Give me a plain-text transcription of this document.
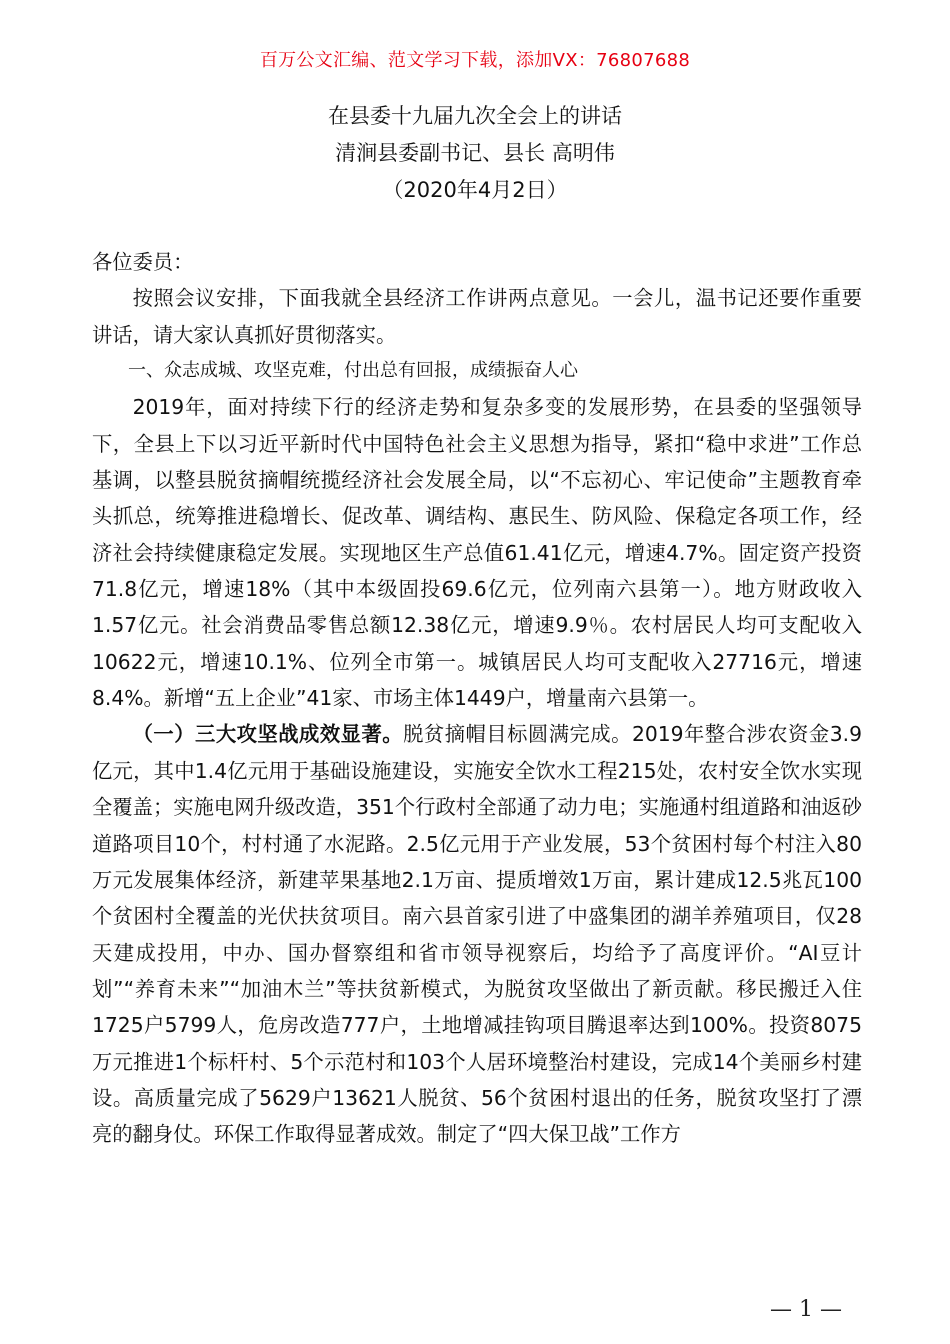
百万公文汇编、范文学习下载，添加VX：76807688
在县委十九届九次全会上的讲话
清涧县委副书记、县长 高明伟
（2020年4月2日）

各位委员：

按照会议安排，下面我就全县经济工作讲两点意见。一会儿，温书记还要作重要讲话，请大家认真抓好贯彻落实。

一、众志成城、攻坚克难，付出总有回报，成绩振奋人心

2019年，面对持续下行的经济走势和复杂多变的发展形势，在县委的坚强领导下，全县上下以习近平新时代中国特色社会主义思想为指导，紧扣“稳中求进”工作总基调，以整县脱贫摘帽统揽经济社会发展全局，以“不忘初心、牢记使命”主题教育牵头抓总，统筹推进稳增长、促改革、调结构、惠民生、防风险、保稳定各项工作，经济社会持续健康稳定发展。实现地区生产总值61.41亿元，增速4.7%。固定资产投资71.8亿元，增速18%（其中本级固投69.6亿元，位列南六县第一）。地方财政收入1.57亿元。社会消费品零售总额12.38亿元，增速9.9％。农村居民人均可支配收入10622元，增速10.1%、位列全市第一。城镇居民人均可支配收入27716元，增速8.4%。新增“五上企业”41家、市场主体1449户，增量南六县第一。

（一）三大攻坚战成效显著。脱贫摘帽目标圆满完成。2019年整合涉农资金3.9亿元，其中1.4亿元用于基础设施建设，实施安全饮水工程215处，农村安全饮水实现全覆盖；实施电网升级改造，351个行政村全部通了动力电；实施通村组道路和油返砂道路项目10个，村村通了水泥路。2.5亿元用于产业发展，53个贫困村每个村注入80万元发展集体经济，新建苹果基地2.1万亩、提质增效1万亩，累计建成12.5兆瓦100个贫困村全覆盖的光伏扶贫项目。南六县首家引进了中盛集团的湖羊养殖项目，仅28天建成投用，中办、国办督察组和省市领导视察后，均给予了高度评价。“AI豆计划”“养育未来”“加油木兰”等扶贫新模式，为脱贫攻坚做出了新贡献。移民搬迁入住1725户5799人，危房改造777户，土地增减挂钩项目腾退率达到100%。投资8075万元推进1个标杆村、5个示范村和103个人居环境整治村建设，完成14个美丽乡村建设。高质量完成了5629户13621人脱贫、56个贫困村退出的任务，脱贫攻坚打了漂亮的翻身仗。环保工作取得显著成效。制定了“四大保卫战”工作方

— 1 —
